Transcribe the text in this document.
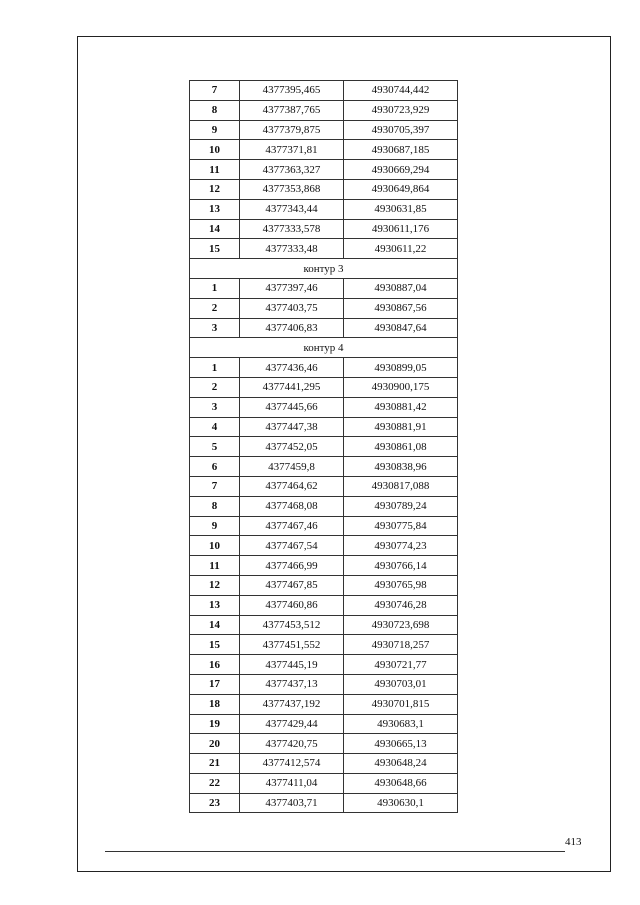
7	4377395,465	4930744,442
8	4377387,765	4930723,929
9	4377379,875	4930705,397
10	4377371,81	4930687,185
11	4377363,327	4930669,294
12	4377353,868	4930649,864
13	4377343,44	4930631,85
14	4377333,578	4930611,176
15	4377333,48	4930611,22
контур 3		
1	4377397,46	4930887,04
2	4377403,75	4930867,56
3	4377406,83	4930847,64
контур 4		
1	4377436,46	4930899,05
2	4377441,295	4930900,175
3	4377445,66	4930881,42
4	4377447,38	4930881,91
5	4377452,05	4930861,08
6	4377459,8	4930838,96
7	4377464,62	4930817,088
8	4377468,08	4930789,24
9	4377467,46	4930775,84
10	4377467,54	4930774,23
11	4377466,99	4930766,14
12	4377467,85	4930765,98
13	4377460,86	4930746,28
14	4377453,512	4930723,698
15	4377451,552	4930718,257
16	4377445,19	4930721,77
17	4377437,13	4930703,01
18	4377437,192	4930701,815
19	4377429,44	4930683,1
20	4377420,75	4930665,13
21	4377412,574	4930648,24
22	4377411,04	4930648,66
23	4377403,71	4930630,1
413
